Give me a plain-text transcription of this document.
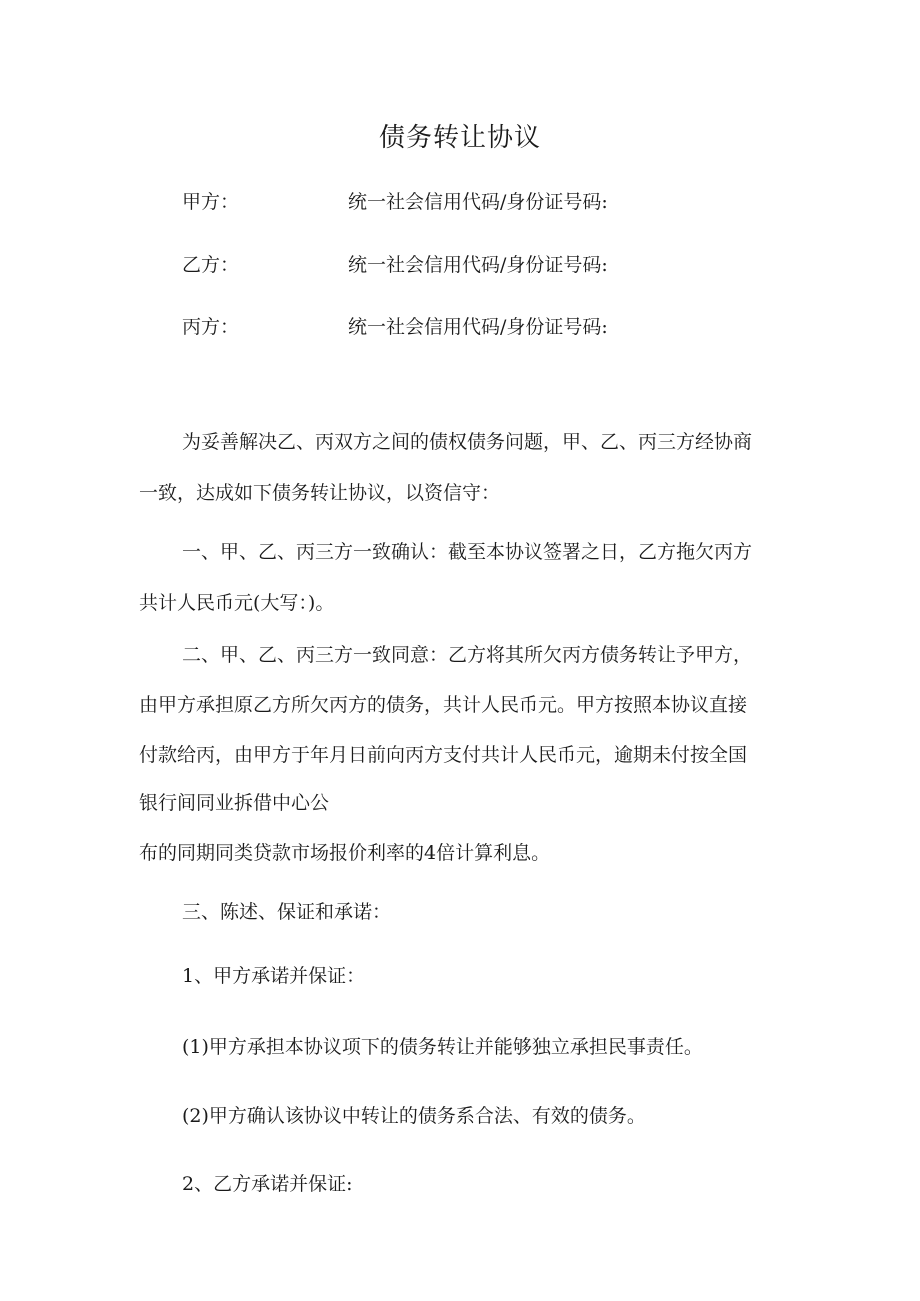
债务转让协议
甲方：	统一社会信用代码/身份证号码:
乙方：	统一社会信用代码/身份证号码:
丙方：	统一社会信用代码/身份证号码:
为妥善解决乙、丙双方之间的债权债务问题，甲、乙、丙三方经协商
一致，达成如下债务转让协议，以资信守：
一、甲、乙、丙三方一致确认：截至本协议签署之日，乙方拖欠丙方
共计人民币元(大写：)。
二、甲、乙、丙三方一致同意：乙方将其所欠丙方债务转让予甲方，
由甲方承担原乙方所欠丙方的债务，共计人民币元。甲方按照本协议直接
付款给丙，由甲方于年月日前向丙方支付共计人民币元，逾期未付按全国
银行间同业拆借中心公
布的同期同类贷款市场报价利率的4倍计算利息。
三、陈述、保证和承诺：
1、甲方承诺并保证：
(1)甲方承担本协议项下的债务转让并能够独立承担民事责任。
(2)甲方确认该协议中转让的债务系合法、有效的债务。
2、乙方承诺并保证:
